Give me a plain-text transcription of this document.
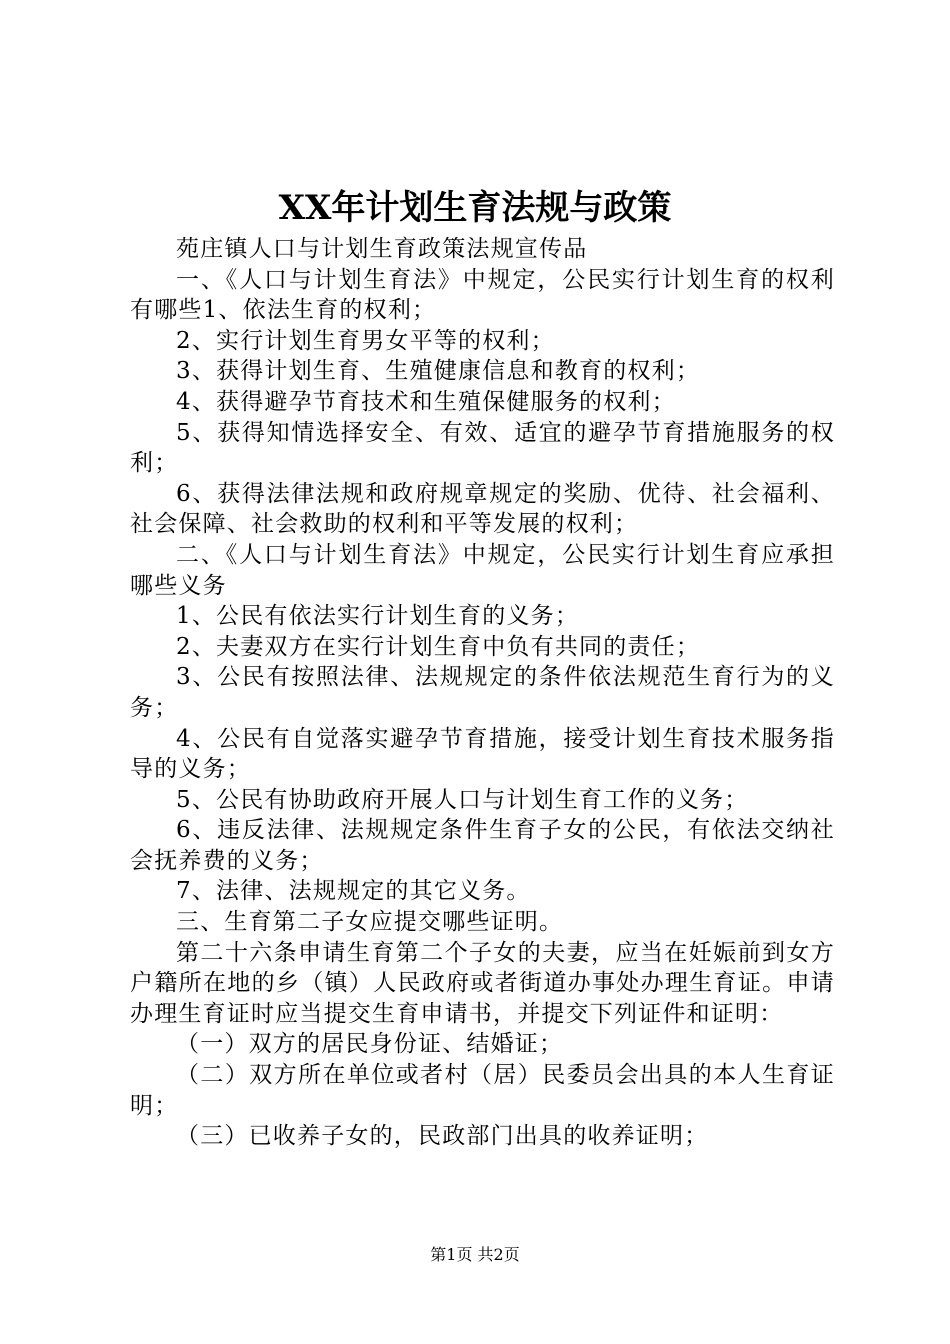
XX年计划生育法规与政策

苑庄镇人口与计划生育政策法规宣传品

一、《人口与计划生育法》中规定，公民实行计划生育的权利有哪些1、依法生育的权利；

2、实行计划生育男女平等的权利；

3、获得计划生育、生殖健康信息和教育的权利；

4、获得避孕节育技术和生殖保健服务的权利；

5、获得知情选择安全、有效、适宜的避孕节育措施服务的权利；

6、获得法律法规和政府规章规定的奖励、优待、社会福利、社会保障、社会救助的权利和平等发展的权利；

二、《人口与计划生育法》中规定，公民实行计划生育应承担哪些义务

1、公民有依法实行计划生育的义务；

2、夫妻双方在实行计划生育中负有共同的责任；

3、公民有按照法律、法规规定的条件依法规范生育行为的义务；

4、公民有自觉落实避孕节育措施，接受计划生育技术服务指导的义务；

5、公民有协助政府开展人口与计划生育工作的义务；

6、违反法律、法规规定条件生育子女的公民，有依法交纳社会抚养费的义务；

7、法律、法规规定的其它义务。

三、生育第二子女应提交哪些证明。

第二十六条申请生育第二个子女的夫妻，应当在妊娠前到女方户籍所在地的乡（镇）人民政府或者街道办事处办理生育证。申请办理生育证时应当提交生育申请书，并提交下列证件和证明：

（一）双方的居民身份证、结婚证；

（二）双方所在单位或者村（居）民委员会出具的本人生育证明；

（三）已收养子女的，民政部门出具的收养证明；

第1页 共2页
